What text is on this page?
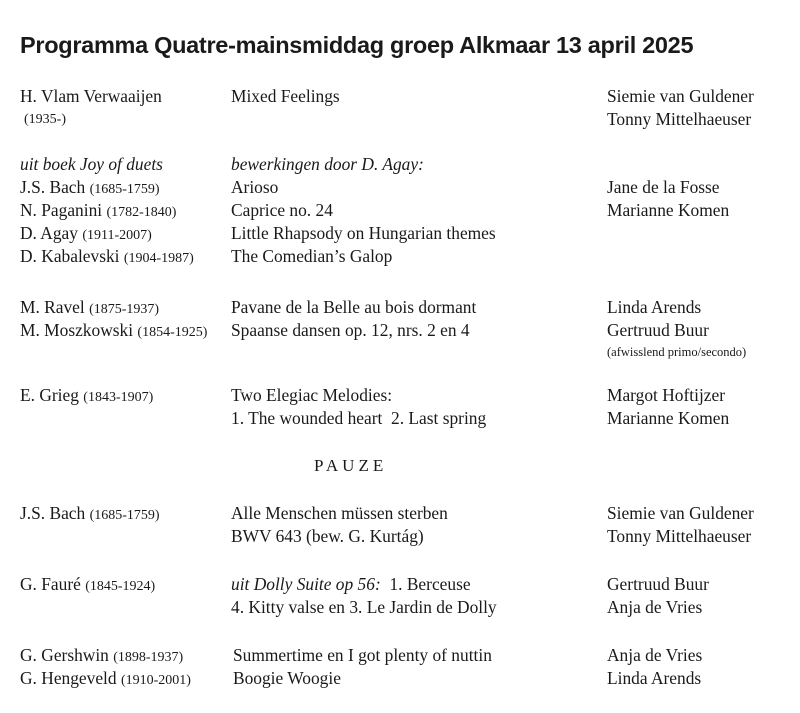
Programma Quatre-mainsmiddag groep Alkmaar 13 april 2025
H. Vlam Verwaaijen	Mixed Feelings	Siemie van Guldener
(1935-)	Tonny Mittelhaeuser
uit boek Joy of duets	bewerkingen door D. Agay:
J.S. Bach (1685-1759)	Arioso	Jane de la Fosse
N. Paganini (1782-1840)	Caprice no. 24	Marianne Komen
D. Agay (1911-2007)	Little Rhapsody on Hungarian themes
D. Kabalevski (1904-1987) The Comedian’s Galop
M. Ravel (1875-1937)	Pavane de la Belle au bois dormant	Linda Arends
M. Moszkowski (1854-1925) Spaanse dansen op. 12, nrs. 2 en 4	Gertruud Buur
(afwisslend primo/secondo)
E. Grieg (1843-1907)	Two Elegiac Melodies:	Margot Hoftijzer
1. The wounded heart  2. Last spring	Marianne Komen
PAUZE
J.S. Bach (1685-1759)	Alle Menschen müssen sterben	Siemie van Guldener
BWV 643 (bew. G. Kurtág)	Tonny Mittelhaeuser
G. Fauré (1845-1924)	uit Dolly Suite op 56: 1. Berceuse	Gertruud Buur
4. Kitty valse en 3. Le Jardin de Dolly	Anja de Vries
G. Gershwin (1898-1937)	Summertime en I got plenty of nuttin	Anja de Vries
G. Hengeveld (1910-2001) Boogie Woogie	Linda Arends
